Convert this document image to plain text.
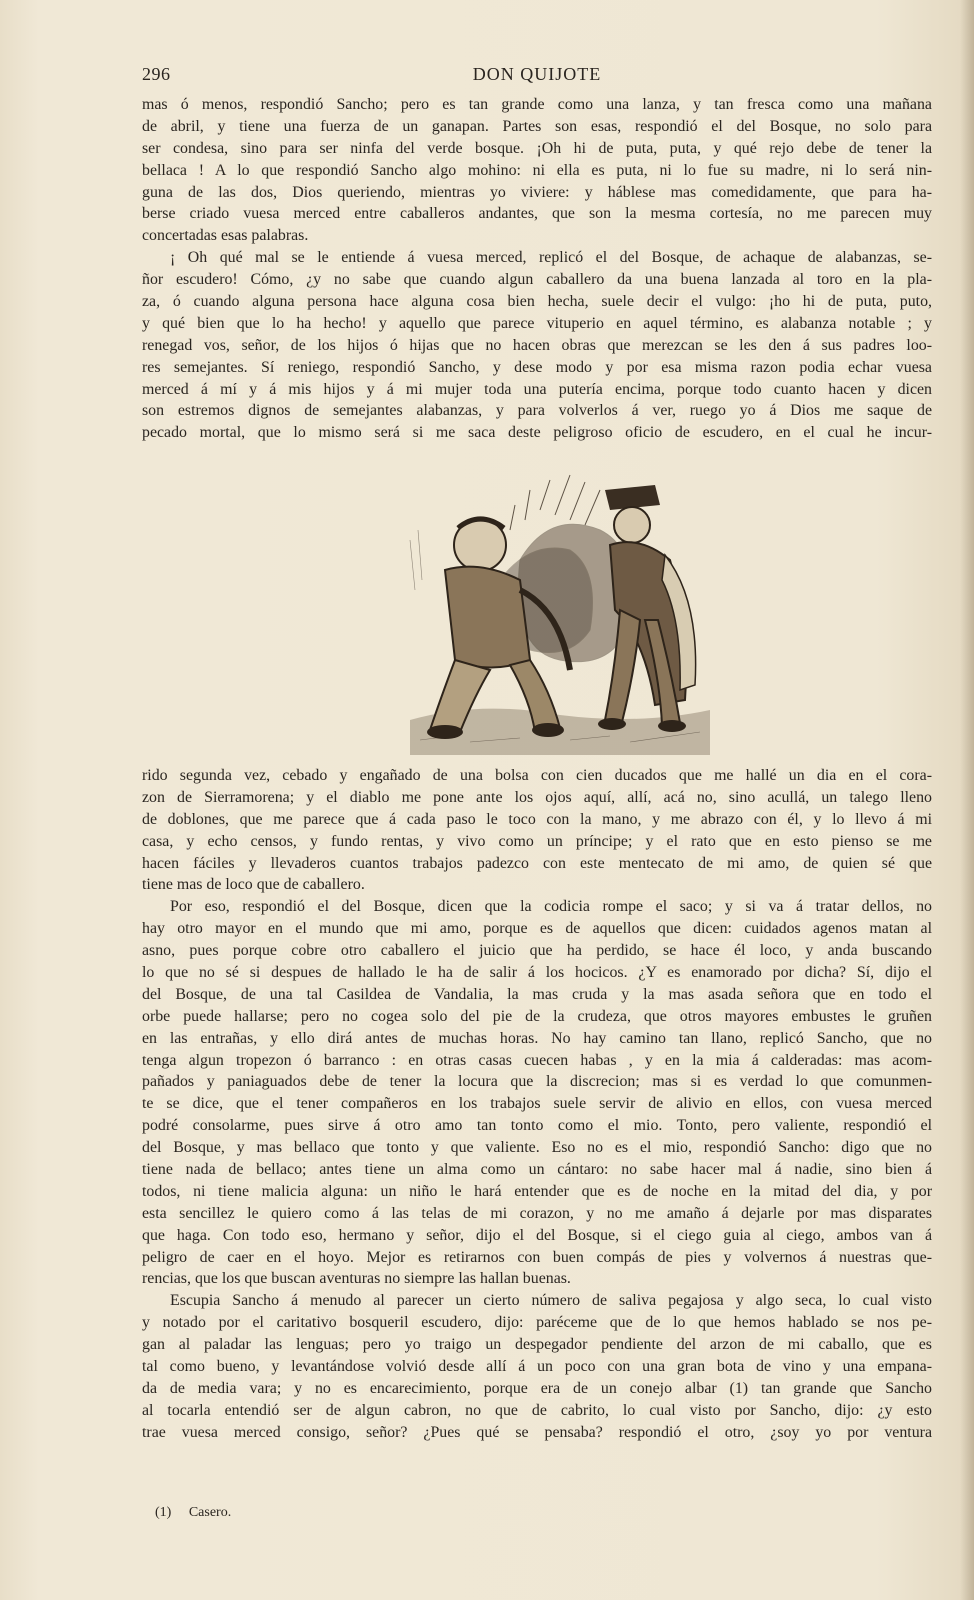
296	DON QUIJOTE
mas ó menos, respondió Sancho; pero es tan grande como una lanza, y tan fresca como una mañana
de abril, y tiene una fuerza de un ganapan. Partes son esas, respondió el del Bosque, no solo para
ser condesa, sino para ser ninfa del verde bosque. ¡Oh hi de puta, puta, y qué rejo debe de tener la
bellaca ! A lo que respondió Sancho algo mohino: ni ella es puta, ni lo fue su madre, ni lo será nin-
guna de las dos, Dios queriendo, mientras yo viviere: y háblese mas comedidamente, que para ha-
berse criado vuesa merced entre caballeros andantes, que son la mesma cortesía, no me parecen muy
concertadas esas palabras.
¡ Oh qué mal se le entiende á vuesa merced, replicó el del Bosque, de achaque de alabanzas, se-
ñor escudero! Cómo, ¿y no sabe que cuando algun caballero da una buena lanzada al toro en la pla-
za, ó cuando alguna persona hace alguna cosa bien hecha, suele decir el vulgo: ¡ho hi de puta, puto,
y qué bien que lo ha hecho! y aquello que parece vituperio en aquel término, es alabanza notable ; y
renegad vos, señor, de los hijos ó hijas que no hacen obras que merezcan se les den á sus padres loo-
res semejantes. Sí reniego, respondió Sancho, y dese modo y por esa misma razon podia echar vuesa
merced á mí y á mis hijos y á mi mujer toda una putería encima, porque todo cuanto hacen y dicen
son estremos dignos de semejantes alabanzas, y para volverlos á ver, ruego yo á Dios me saque de
pecado mortal, que lo mismo será si me saca deste peligroso oficio de escudero, en el cual he incur-
rido segunda vez, cebado y engañado de una bolsa con cien ducados que me hallé un dia en el cora-
zon de Sierramorena; y el diablo me pone ante los ojos aquí, allí, acá no, sino acullá, un talego lleno
de doblones, que me parece que á cada paso le toco con la mano, y me abrazo con él, y lo llevo á mi
casa, y echo censos, y fundo rentas, y vivo como un príncipe; y el rato que en esto pienso se me
hacen fáciles y llevaderos cuantos trabajos padezco con este mentecato de mi amo, de quien sé que
tiene mas de loco que de caballero.
Por eso, respondió el del Bosque, dicen que la codicia rompe el saco; y si va á tratar dellos, no
hay otro mayor en el mundo que mi amo, porque es de aquellos que dicen: cuidados agenos matan al
asno, pues porque cobre otro caballero el juicio que ha perdido, se hace él loco, y anda buscando
lo que no sé si despues de hallado le ha de salir á los hocicos. ¿Y es enamorado por dicha? Sí, dijo el
del Bosque, de una tal Casildea de Vandalia, la mas cruda y la mas asada señora que en todo el
orbe puede hallarse; pero no cogea solo del pie de la crudeza, que otros mayores embustes le gruñen
en las entrañas, y ello dirá antes de muchas horas. No hay camino tan llano, replicó Sancho, que no
tenga algun tropezon ó barranco : en otras casas cuecen habas , y en la mia á calderadas: mas acom-
pañados y paniaguados debe de tener la locura que la discrecion; mas si es verdad lo que comunmen-
te se dice, que el tener compañeros en los trabajos suele servir de alivio en ellos, con vuesa merced
podré consolarme, pues sirve á otro amo tan tonto como el mio. Tonto, pero valiente, respondió el
del Bosque, y mas bellaco que tonto y que valiente. Eso no es el mio, respondió Sancho: digo que no
tiene nada de bellaco; antes tiene un alma como un cántaro: no sabe hacer mal á nadie, sino bien á
todos, ni tiene malicia alguna: un niño le hará entender que es de noche en la mitad del dia, y por
esta sencillez le quiero como á las telas de mi corazon, y no me amaño á dejarle por mas disparates
que haga. Con todo eso, hermano y señor, dijo el del Bosque, si el ciego guia al ciego, ambos van á
peligro de caer en el hoyo. Mejor es retirarnos con buen compás de pies y volvernos á nuestras que-
rencias, que los que buscan aventuras no siempre las hallan buenas.
Escupia Sancho á menudo al parecer un cierto número de saliva pegajosa y algo seca, lo cual visto
y notado por el caritativo bosqueril escudero, dijo: paréceme que de lo que hemos hablado se nos pe-
gan al paladar las lenguas; pero yo traigo un despegador pendiente del arzon de mi caballo, que es
tal como bueno, y levantándose volvió desde allí á un poco con una gran bota de vino y una empana-
da de media vara; y no es encarecimiento, porque era de un conejo albar (1) tan grande que Sancho
al tocarla entendió ser de algun cabron, no que de cabrito, lo cual visto por Sancho, dijo: ¿y esto
trae vuesa merced consigo, señor? ¿Pues qué se pensaba? respondió el otro, ¿soy yo por ventura
(1) Casero.
